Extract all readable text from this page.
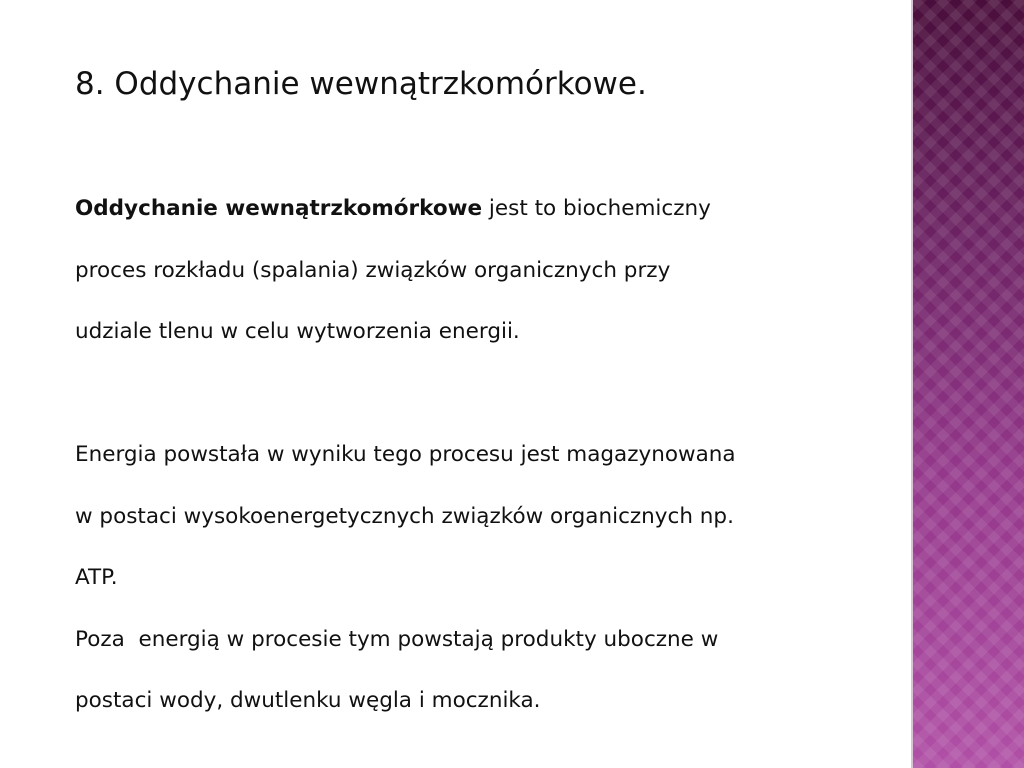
8. Oddychanie wewnątrzkomórkowe.
Oddychanie wewnątrzkomórkowe jest to biochemiczny
proces rozkładu (spalania) związków organicznych przy
udziale tlenu w celu wytworzenia energii.
Energia powstała w wyniku tego procesu jest magazynowana
w postaci wysokoenergetycznych związków organicznych np.
ATP.
Poza  energią w procesie tym powstają produkty uboczne w
postaci wody, dwutlenku węgla i mocznika.
